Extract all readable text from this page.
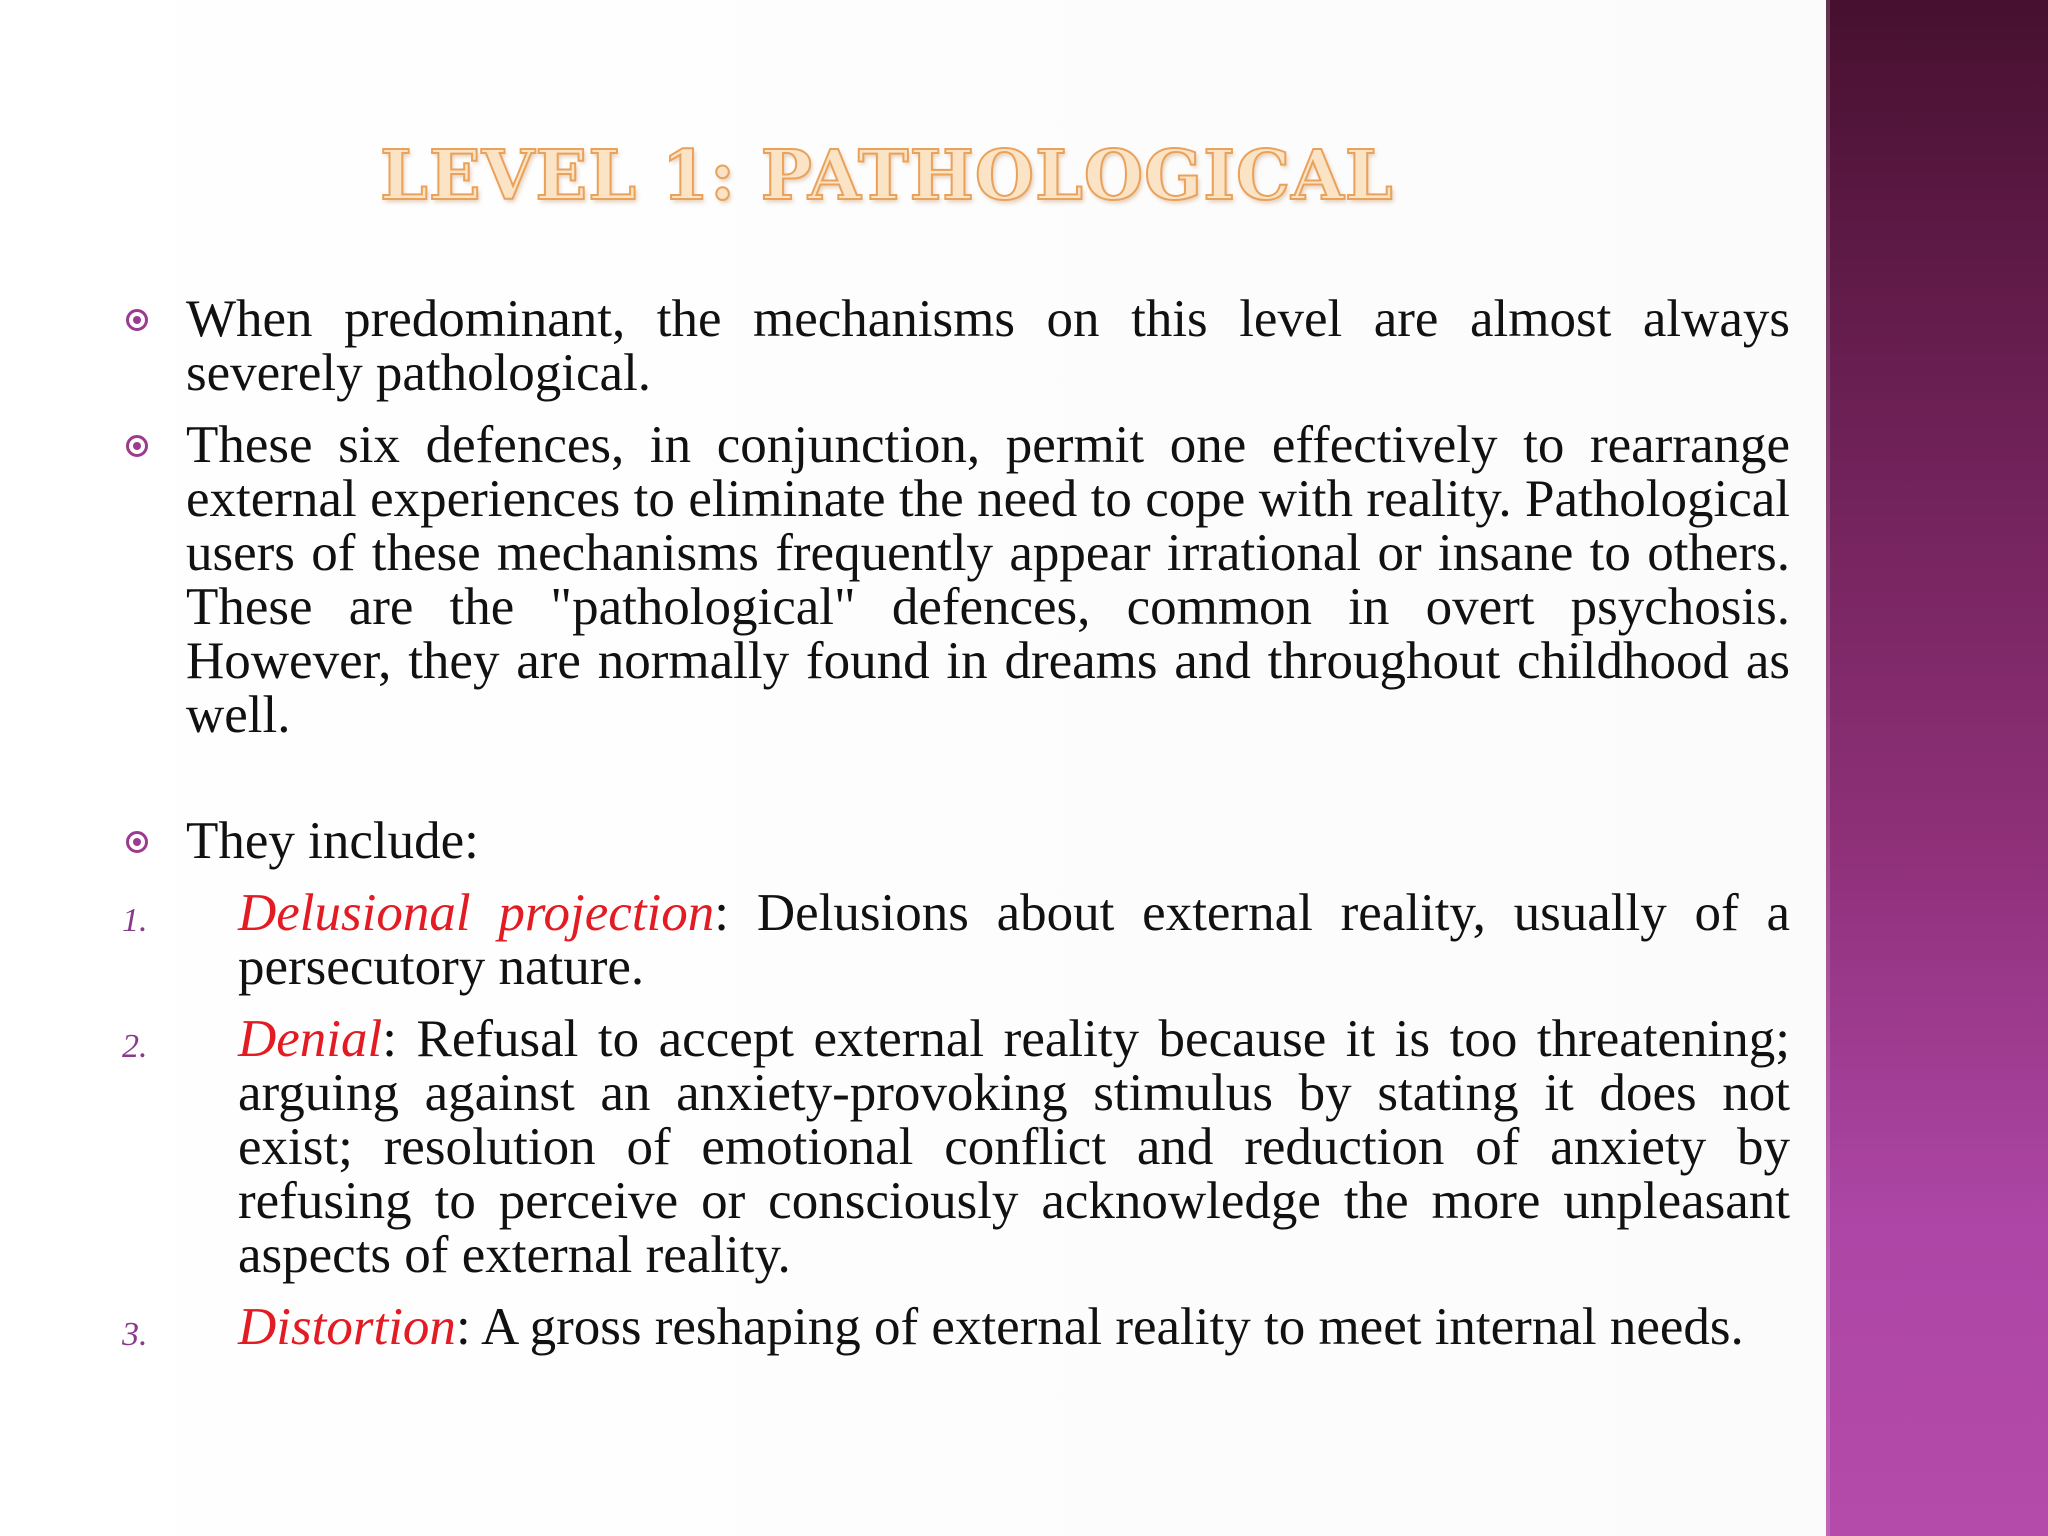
LEVEL 1: PATHOLOGICAL

When predominant, the mechanisms on this level are almost always severely pathological.

These six defences, in conjunction, permit one effectively to rearrange external experiences to eliminate the need to cope with reality. Pathological users of these mechanisms frequently appear irrational or insane to others. These are the "pathological" defences, common in overt psychosis. However, they are normally found in dreams and throughout childhood as well.

They include:

1. Delusional projection: Delusions about external reality, usually of a persecutory nature.

2. Denial: Refusal to accept external reality because it is too threatening; arguing against an anxiety-provoking stimulus by stating it does not exist; resolution of emotional conflict and reduction of anxiety by refusing to perceive or consciously acknowledge the more unpleasant aspects of external reality.

3. Distortion: A gross reshaping of external reality to meet internal needs.
